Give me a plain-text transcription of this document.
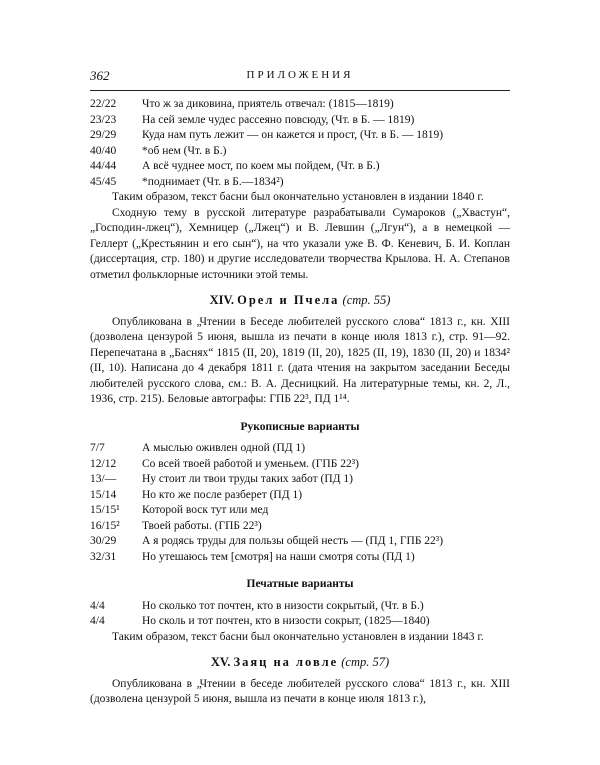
362	ПРИЛОЖЕНИЯ
22/22	Что ж за диковина, приятель отвечал: (1815—1819)
23/23	На сей земле чудес рассеяно повсюду, (Чт. в Б. — 1819)
29/29	Куда нам путь лежит — он кажется и прост, (Чт. в Б. — 1819)
40/40	*об нем (Чт. в Б.)
44/44	А всё чуднее мост, по коем мы пойдем, (Чт. в Б.)
45/45	*поднимает (Чт. в Б.—1834²)

Таким образом, текст басни был окончательно установлен в издании 1840 г.

Сходную тему в русской литературе разрабатывали Сумароков („Хвастун“, „Господин-лжец“), Хемницер („Лжец“) и В. Левшин („Лгун“), а в немецкой — Геллерт („Крестьянин и его сын“), на что указали уже В. Ф. Кеневич, Б. И. Коплан (диссертация, стр. 180) и другие исследователи творчества Крылова. Н. А. Степанов отметил фольклорные источники этой темы.

XIV. Орел и Пчела (стр. 55)

Опубликована в „Чтении в Беседе любителей русского слова“ 1813 г., кн. XIII (дозволена цензурой 5 июня, вышла из печати в конце июля 1813 г.), стр. 91—92. Перепечатана в „Баснях“ 1815 (II, 20), 1819 (II, 20), 1825 (II, 19), 1830 (II, 20) и 1834² (II, 10). Написана до 4 декабря 1811 г. (дата чтения на закрытом заседании Беседы любителей русского слова, см.: В. А. Десницкий. На литературные темы, кн. 2, Л., 1936, стр. 215). Беловые автографы: ГПБ 22³, ПД 1¹⁴.

Рукописные варианты
7/7	А мыслью оживлен одной (ПД 1)
12/12	Со всей твоей работой и уменьем. (ГПБ 22³)
13/—	Ну стоит ли твои труды таких забот (ПД 1)
15/14	Но кто же после разберет (ПД 1)
15/15¹	Которой воск тут или мед
16/15²	Твоей работы. (ГПБ 22³)
30/29	А я родясь труды для пользы общей несть — (ПД 1, ГПБ 22³)
32/31	Но утешаюсь тем [смотря] на наши смотря соты (ПД 1)
Печатные варианты
4/4	Но сколько тот почтен, кто в низости сокрытый, (Чт. в Б.)
4/4	Но сколь и тот почтен, кто в низости сокрыт, (1825—1840)

Таким образом, текст басни был окончательно установлен в издании 1843 г.

XV. Заяц на ловле (стр. 57)

Опубликована в „Чтении в беседе любителей русского слова“ 1813 г., кн. XIII (дозволена цензурой 5 июня, вышла из печати в конце июля 1813 г.),
